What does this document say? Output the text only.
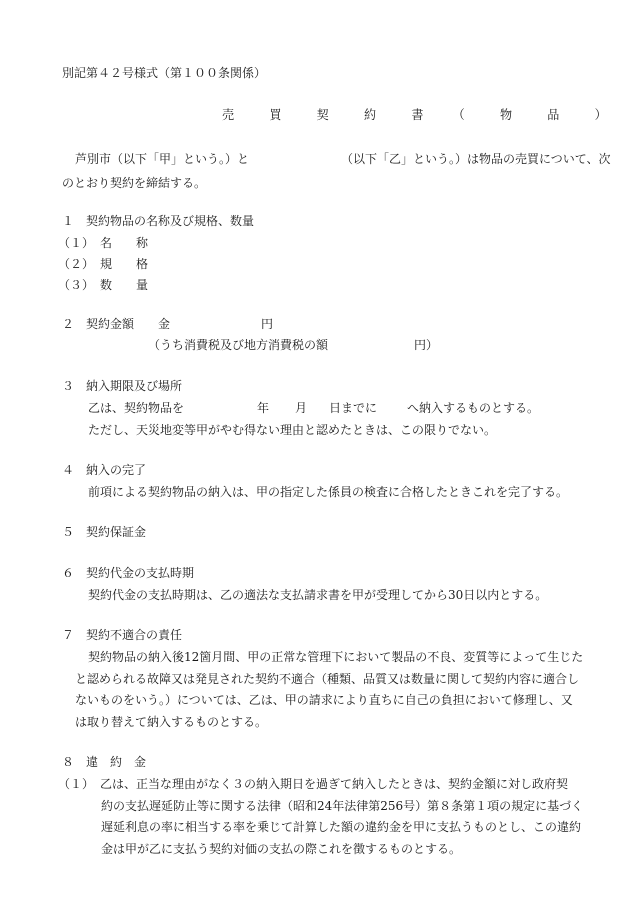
別記第４２号様式（第１００条関係）
売　買　契　約　書　（　物　品　）
芦別市（以下「甲」という。）と	（以下「乙」という。）は物品の売買について、次
のとおり契約を締結する。
１　契約物品の名称及び規格、数量
（１）　名　　称
（２）　規　　格
（３）　数　　量
２　契約金額　　金	円
（うち消費税及び地方消費税の額	円）
３　納入期限及び場所
乙は、契約物品を	年 月 日までに へ納入するものとする。
ただし、天災地変等甲がやむ得ない理由と認めたときは、この限りでない。
４　納入の完了
前項による契約物品の納入は、甲の指定した係員の検査に合格したときこれを完了する。
５　契約保証金
６　契約代金の支払時期
契約代金の支払時期は、乙の適法な支払請求書を甲が受理してから30日以内とする。
７　契約不適合の責任
契約物品の納入後12箇月間、甲の正常な管理下において製品の不良、変質等によって生じた
と認められる故障又は発見された契約不適合（種類、品質又は数量に関して契約内容に適合し
ないものをいう。）については、乙は、甲の請求により直ちに自己の負担において修理し、又
は取り替えて納入するものとする。
８　違　約　金
（１）　乙は、正当な理由がなく３の納入期日を過ぎて納入したときは、契約金額に対し政府契
約の支払遅延防止等に関する法律（昭和24年法律第256号）第８条第１項の規定に基づく
遅延利息の率に相当する率を乗じて計算した額の違約金を甲に支払うものとし、この違約
金は甲が乙に支払う契約対価の支払の際これを徴するものとする。
